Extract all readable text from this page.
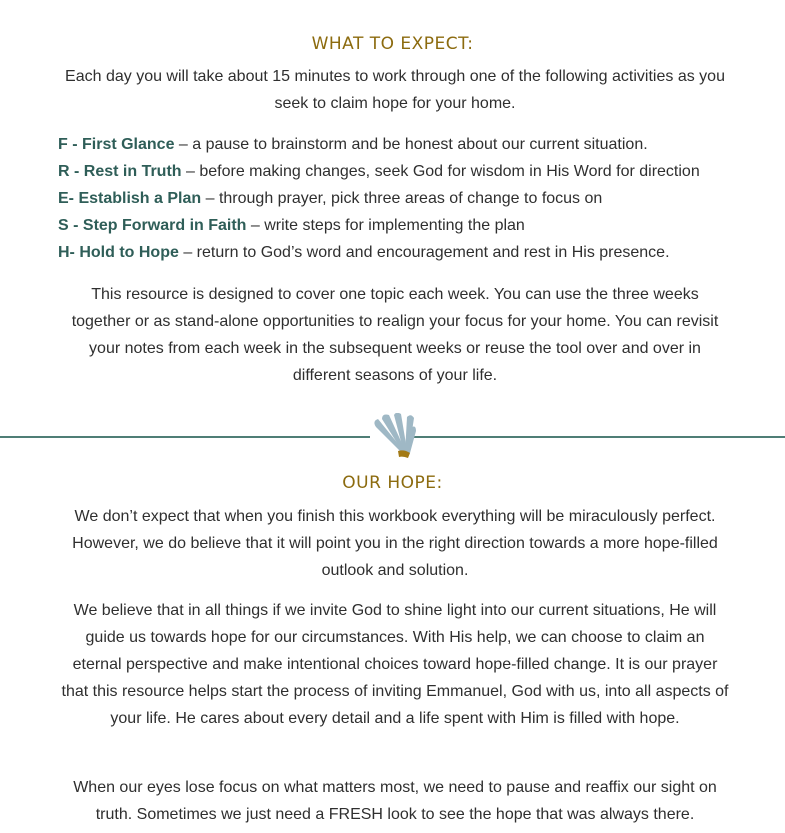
WHAT TO EXPECT:

Each day you will take about 15 minutes to work through one of the following activities as you seek to claim hope for your home.

F - First Glance – a pause to brainstorm and be honest about our current situation.
R - Rest in Truth – before making changes, seek God for wisdom in His Word for direction
E- Establish a Plan – through prayer, pick three areas of change to focus on
S - Step Forward in Faith – write steps for implementing the plan
H- Hold to Hope – return to God’s word and encouragement and rest in His presence.

This resource is designed to cover one topic each week. You can use the three weeks together or as stand-alone opportunities to realign your focus for your home. You can revisit your notes from each week in the subsequent weeks or reuse the tool over and over in different seasons of your life.

OUR HOPE:

We don’t expect that when you finish this workbook everything will be miraculously perfect. However, we do believe that it will point you in the right direction towards a more hope-filled outlook and solution.

We believe that in all things if we invite God to shine light into our current situations, He will guide us towards hope for our circumstances. With His help, we can choose to claim an eternal perspective and make intentional choices toward hope-filled change. It is our prayer that this resource helps start the process of inviting Emmanuel, God with us, into all aspects of your life. He cares about every detail and a life spent with Him is filled with hope.

When our eyes lose focus on what matters most, we need to pause and reaffix our sight on truth. Sometimes we just need a FRESH look to see the hope that was always there.
